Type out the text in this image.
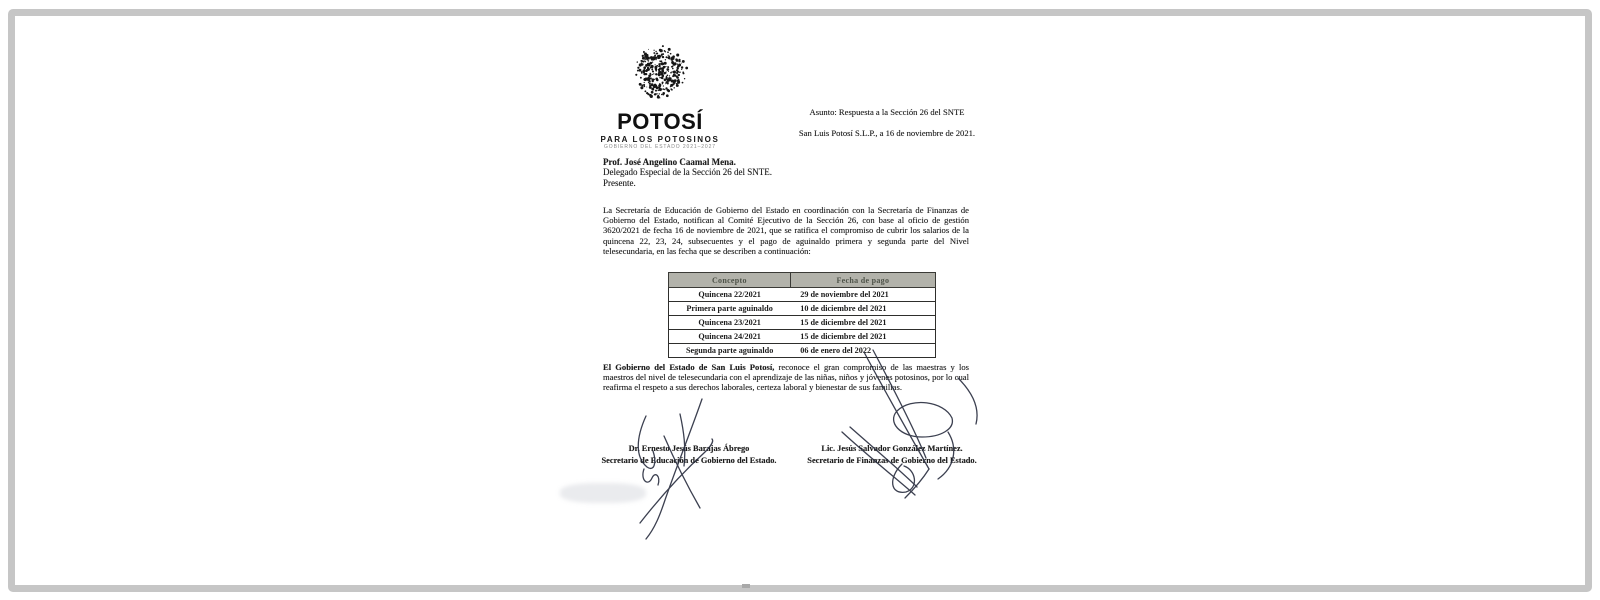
POTOSÍ
PARA LOS POTOSINOS
GOBIERNO DEL ESTADO 2021–2027
Asunto: Respuesta a la Sección 26 del SNTE
San Luis Potosí S.L.P., a 16 de noviembre de 2021.
Prof. José Angelino Caamal Mena.
Delegado Especial de la Sección 26 del SNTE.
Presente.
La Secretaría de Educación de Gobierno del Estado en coordinación con la Secretaría de Finanzas de Gobierno del Estado, notifican al Comité Ejecutivo de la Sección 26, con base al oficio de gestión 3620/2021 de fecha 16 de noviembre de 2021, que se ratifica el compromiso de cubrir los salarios de la quincena 22, 23, 24, subsecuentes y el pago de aguinaldo primera y segunda parte del Nivel telesecundaria, en las fecha que se describen a continuación:
Concepto	Fecha de pago
Quincena 22/2021	29 de noviembre del 2021
Primera parte aguinaldo	10 de diciembre del 2021
Quincena 23/2021	15 de diciembre del 2021
Quincena 24/2021	15 de diciembre del 2021
Segunda parte aguinaldo	06 de enero del 2022
El Gobierno del Estado de San Luis Potosí, reconoce el gran compromiso de las maestras y los maestros del nivel de telesecundaria con el aprendizaje de las niñas, niños y jóvenes potosinos, por lo cual reafirma el respeto a sus derechos laborales, certeza laboral y bienestar de sus familias.
Dr. Ernesto Jesús Barajas Ábrego
Secretario de Educación de Gobierno del Estado.
Lic. Jesús Salvador González Martínez.
Secretario de Finanzas de Gobierno del Estado.
